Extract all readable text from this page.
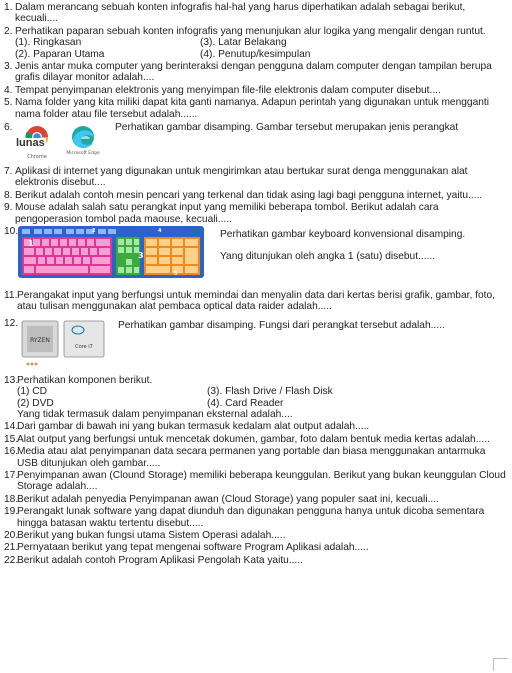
1. Dalam merancang sebuah konten infografis hal-hal yang harus diperhatikan adalah sebagai berikut, kecuali....
2. Perhatikan paparan sebuah konten infografis yang menunjukan alur logika yang mengalir dengan runtut.
(1). Ringkasan	(3). Latar Belakang
(2). Paparan Utama	(4). Penutup/kesimpulan
3. Jenis antar muka computer yang berinteraksi dengan pengguna dalam computer dengan tampilan berupa grafis dilayar monitor adalah....
4. Tempat penyimpanan elektronis yang menyimpan file-file elektronis dalam computer disebut....
5. Nama folder yang kita miliki dapat kita ganti namanya. Adapun perintah yang digunakan untuk mengganti nama folder atau file tersebut adalah......
6.
Chrome
Microsoft Edge
lunas
Perhatikan gambar disamping. Gambar tersebut merupakan jenis perangkat
7. Aplikasi di internet yang digunakan untuk mengirimkan atau bertukar surat denga menggunakan alat elektronis disebut....
8. Berikut adalah contoh mesin pencari yang terkenal dan tidak asing lagi bagi pengguna internet, yaitu.....
9. Mouse adalah salah satu perangkat input yang memiliki beberapa tombol. Berikut adalah cara pengoperasion tombol pada maouse, kecuali.....
10.
1
2
3
4
5
Perhatikan gambar keyboard konvensional disamping.
Yang ditunjukan oleh angka 1 (satu) disebut......
11. Perangakat input yang berfungsi untuk memindai dan menyalin data dari kertas berisi grafik, gambar, foto, atau tulisan menggunakan alat pembaca optical data raider adalah.....
12.
RYZEN
Core i7
Perhatikan gambar disamping. Fungsi dari perangkat tersebut adalah.....
13.
Perhatikan komponen berikut.
(1) CD	(3). Flash Drive / Flash Disk
(2) DVD	(4). Card Reader
Yang tidak termasuk dalam penyimpanan eksternal adalah....
14.
Dari gambar di bawah ini yang bukan termasuk kedalam alat output adalah.....
15.
Alat output yang berfungsi untuk mencetak dokumen, gambar, foto dalam bentuk media kertas adalah.....
16.
Media atau alat penyimpanan data secara permanen yang portable dan biasa menggunakan antarmuka USB ditunjukan oleh gambar.....
17.
Penyimpanan awan (Clound Storage) memiliki beberapa keunggulan. Berikut yang bukan keunggulan Cloud Storage adalah....
18.
Berikut adalah penyedia Penyimpanan awan (Cloud Storage) yang populer saat ini, kecuali....
19.
Perangakt lunak software yang dapat diunduh dan digunakan pengguna hanya untuk dicoba sementara hingga batasan waktu tertentu disebut.....
20.
Berikut yang bukan fungsi utama Sistem Operasi adalah.....
21.
Pernyataan berikut yang tepat mengenai software Program Aplikasi adalah.....
22.
Berikut adalah contoh Program Aplikasi Pengolah Kata yaitu.....
